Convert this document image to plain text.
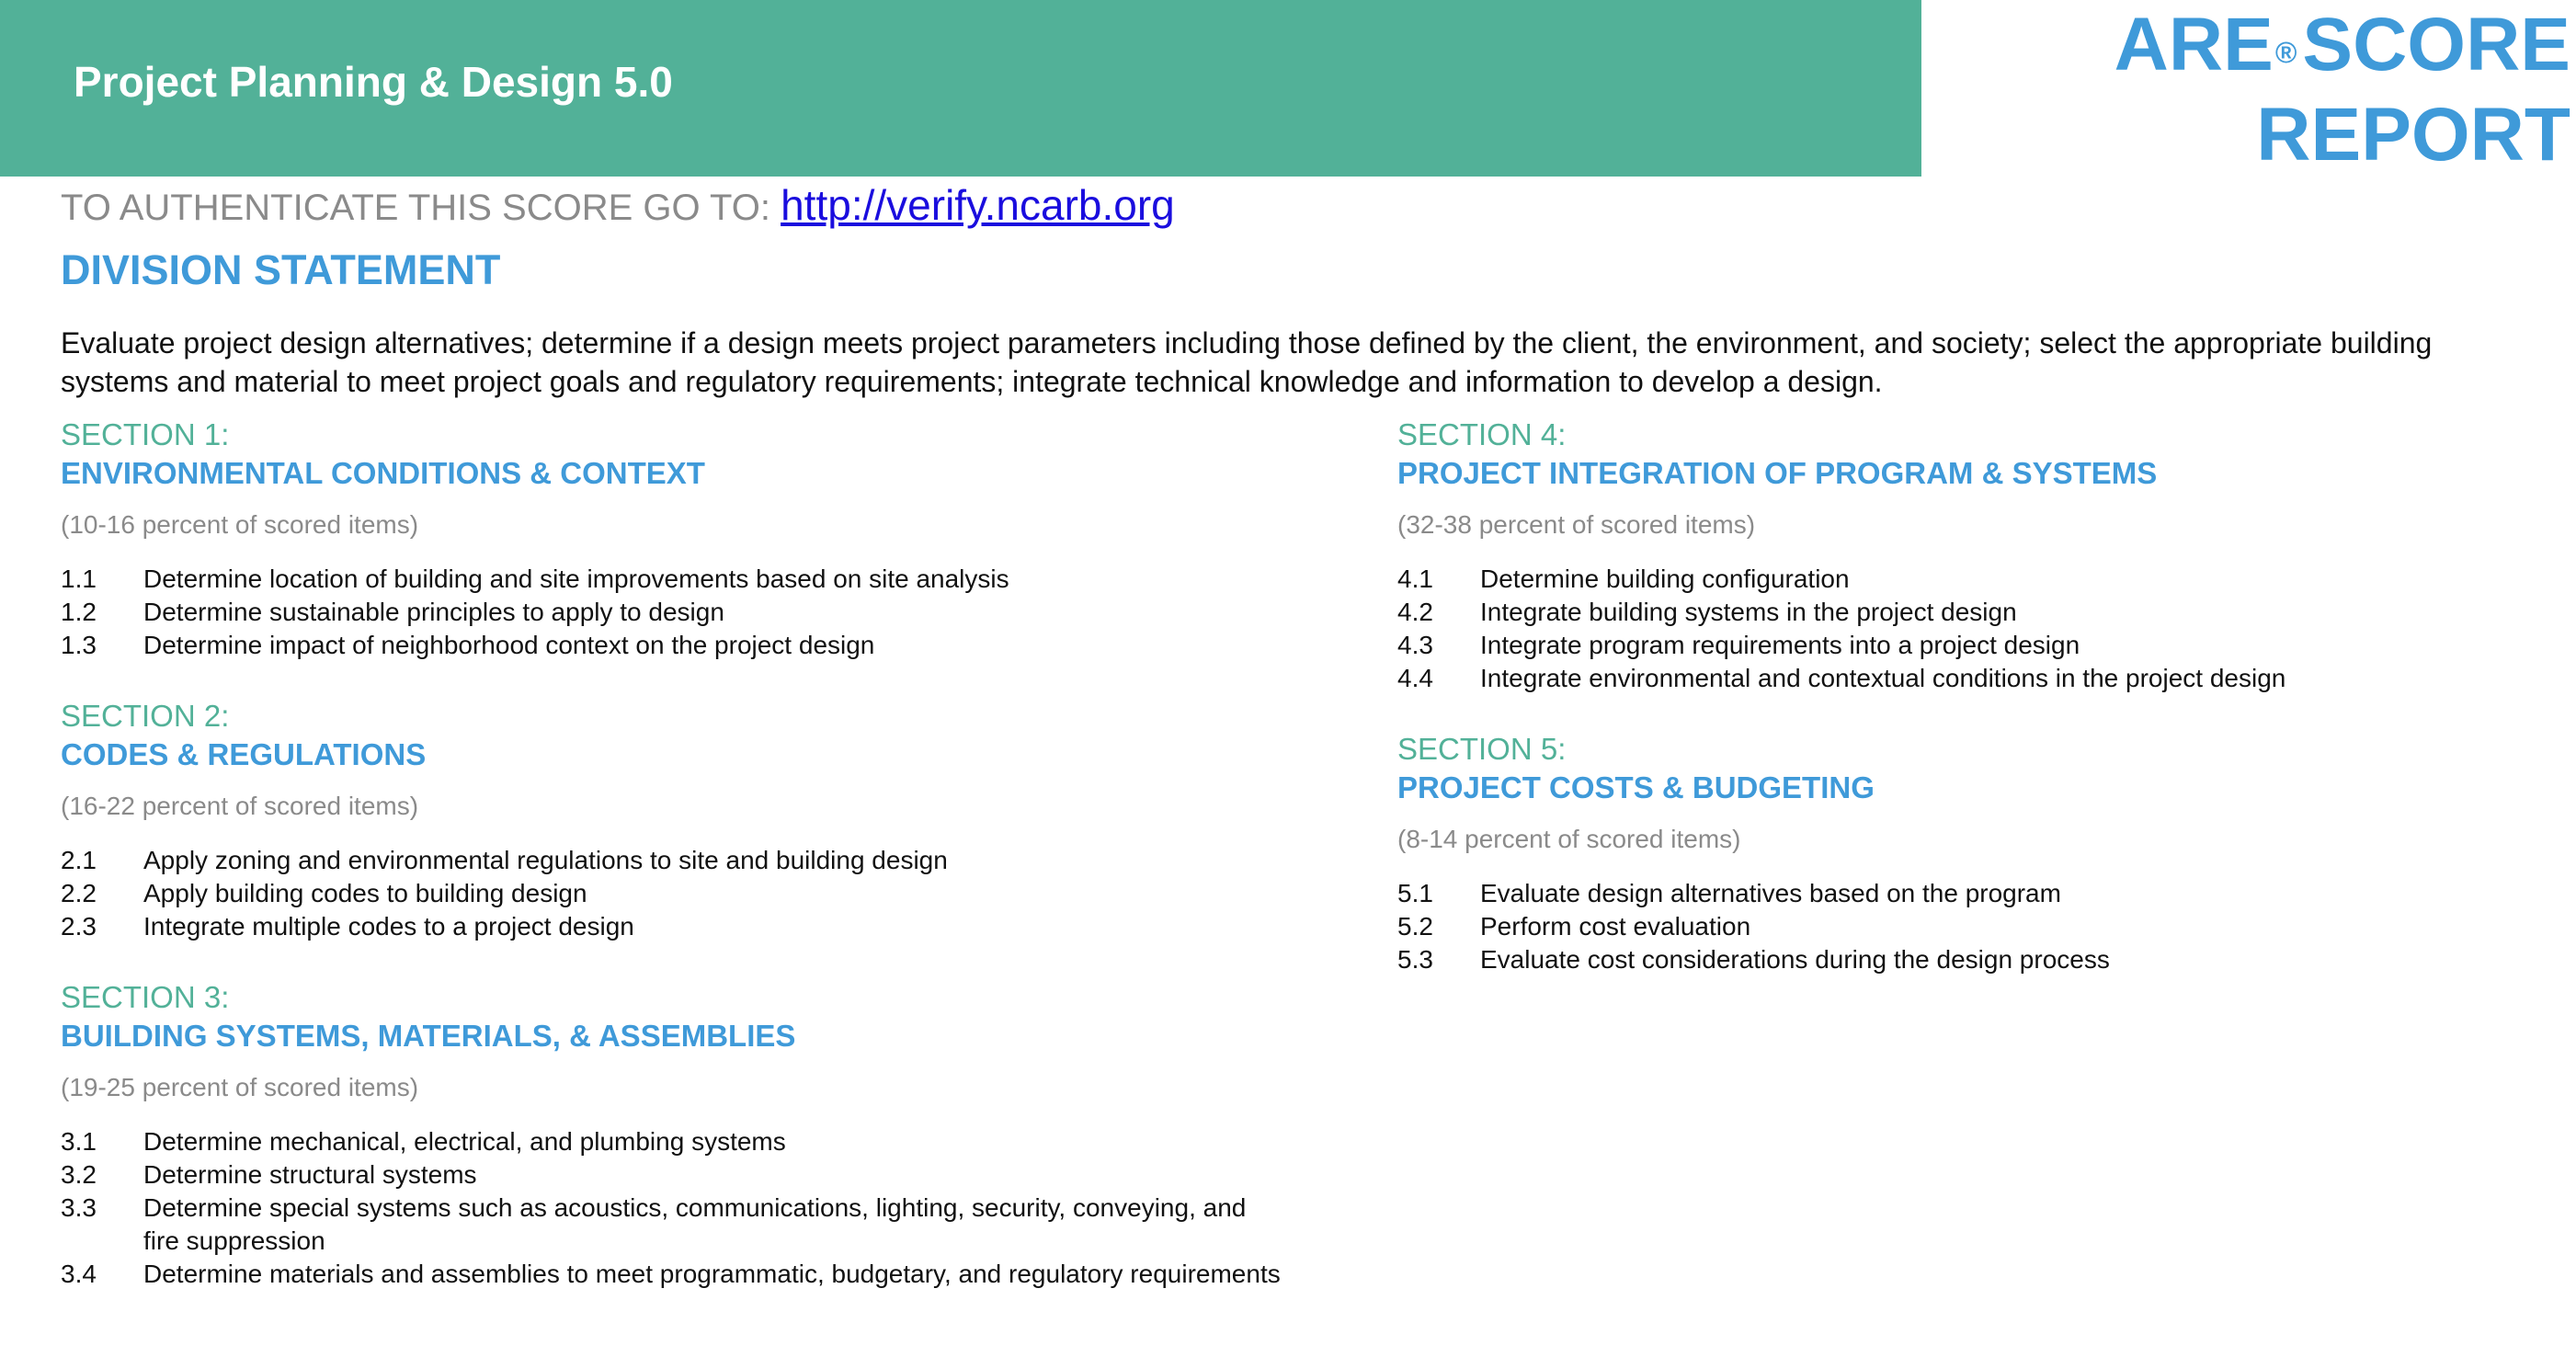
Project Planning & Design 5.0	ARE®SCORE
REPORT
TO AUTHENTICATE THIS SCORE GO TO: http://verify.ncarb.org
DIVISION STATEMENT
Evaluate project design alternatives; determine if a design meets project parameters including those defined by the client, the environment, and society; select the appropriate building systems and material to meet project goals and regulatory requirements; integrate technical knowledge and information to develop a design.
SECTION 1:
ENVIRONMENTAL CONDITIONS & CONTEXT
(10-16 percent of scored items)
1.1	Determine location of building and site improvements based on site analysis
1.2	Determine sustainable principles to apply to design
1.3	Determine impact of neighborhood context on the project design
SECTION 2:
CODES & REGULATIONS
(16-22 percent of scored items)
2.1	Apply zoning and environmental regulations to site and building design
2.2	Apply building codes to building design
2.3	Integrate multiple codes to a project design
SECTION 3:
BUILDING SYSTEMS, MATERIALS, & ASSEMBLIES
(19-25 percent of scored items)
3.1	Determine mechanical, electrical, and plumbing systems
3.2	Determine structural systems
3.3	Determine special systems such as acoustics, communications, lighting, security, conveying, and fire suppression
3.4	Determine materials and assemblies to meet programmatic, budgetary, and regulatory requirements
SECTION 4:
PROJECT INTEGRATION OF PROGRAM & SYSTEMS
(32-38 percent of scored items)
4.1	Determine building configuration
4.2	Integrate building systems in the project design
4.3	Integrate program requirements into a project design
4.4	Integrate environmental and contextual conditions in the project design
SECTION 5:
PROJECT COSTS & BUDGETING
(8-14 percent of scored items)
5.1	Evaluate design alternatives based on the program
5.2	Perform cost evaluation
5.3	Evaluate cost considerations during the design process
